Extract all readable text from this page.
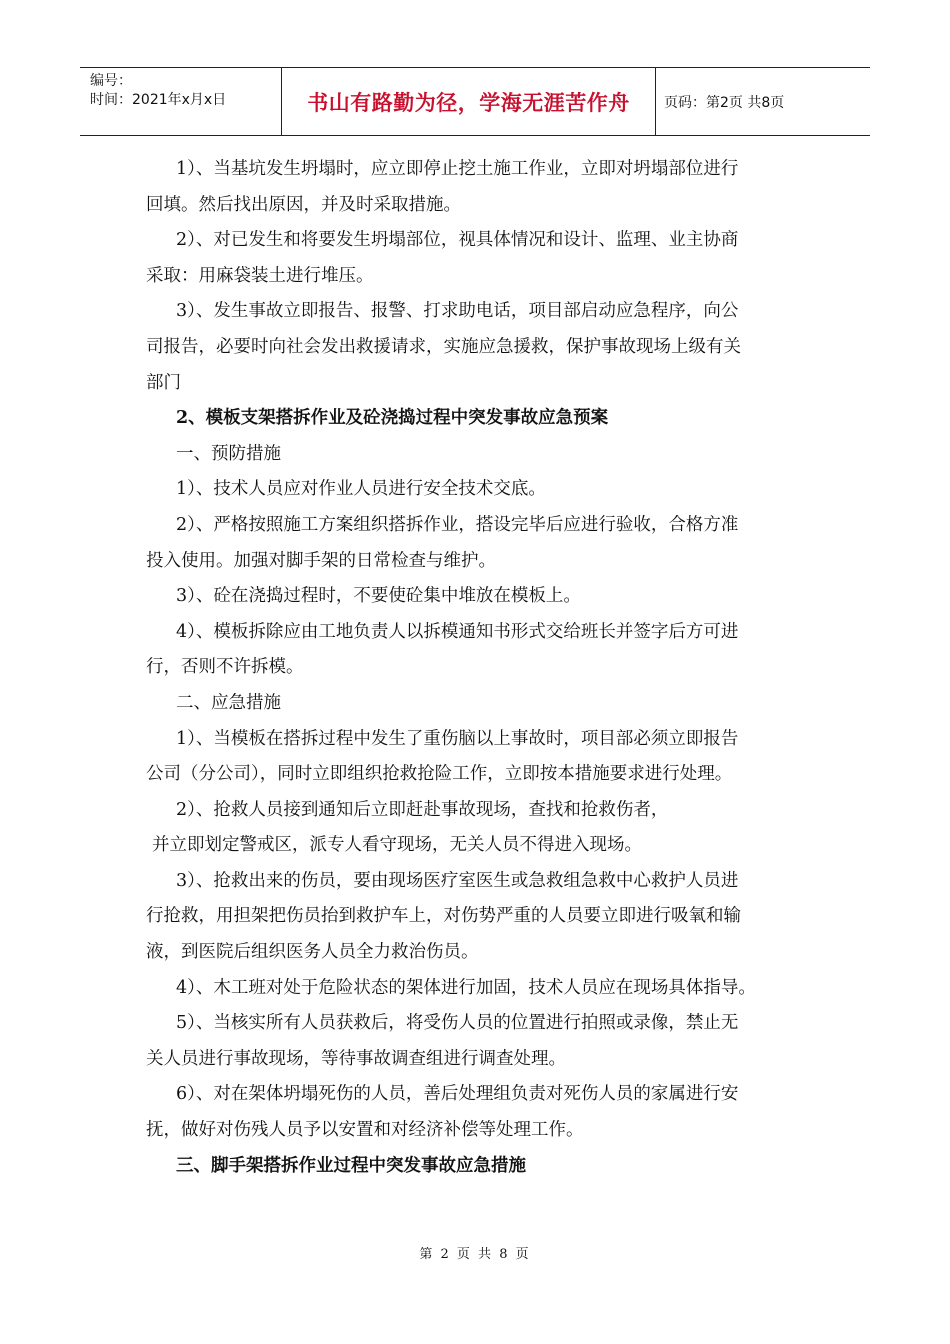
编号：
时间：2021年x月x日	书山有路勤为径，学海无涯苦作舟	页码：第2页 共8页
1）、当基坑发生坍塌时，应立即停止挖土施工作业，立即对坍塌部位进行
回填。然后找出原因，并及时采取措施。
2）、对已发生和将要发生坍塌部位，视具体情况和设计、监理、业主协商
采取：用麻袋装土进行堆压。
3）、发生事故立即报告、报警、打求助电话，项目部启动应急程序，向公
司报告，必要时向社会发出救援请求，实施应急援救，保护事故现场上级有关
部门
2、模板支架搭拆作业及砼浇捣过程中突发事故应急预案
一、预防措施
1）、技术人员应对作业人员进行安全技术交底。
2）、严格按照施工方案组织搭拆作业，搭设完毕后应进行验收，合格方准
投入使用。加强对脚手架的日常检查与维护。
3）、砼在浇捣过程时，不要使砼集中堆放在模板上。
4）、模板拆除应由工地负责人以拆模通知书形式交给班长并签字后方可进
行，否则不许拆模。
二、应急措施
1）、当模板在搭拆过程中发生了重伤脑以上事故时，项目部必须立即报告
公司（分公司），同时立即组织抢救抢险工作，立即按本措施要求进行处理。
2）、抢救人员接到通知后立即赶赴事故现场，查找和抢救伤者，
并立即划定警戒区，派专人看守现场，无关人员不得进入现场。
3）、抢救出来的伤员，要由现场医疗室医生或急救组急救中心救护人员进
行抢救，用担架把伤员抬到救护车上，对伤势严重的人员要立即进行吸氧和输
液，到医院后组织医务人员全力救治伤员。
4）、木工班对处于危险状态的架体进行加固，技术人员应在现场具体指导。
5）、当核实所有人员获救后，将受伤人员的位置进行拍照或录像，禁止无
关人员进行事故现场，等待事故调查组进行调查处理。
6）、对在架体坍塌死伤的人员，善后处理组负责对死伤人员的家属进行安
抚，做好对伤残人员予以安置和对经济补偿等处理工作。
三、脚手架搭拆作业过程中突发事故应急措施
第 2 页 共 8 页
